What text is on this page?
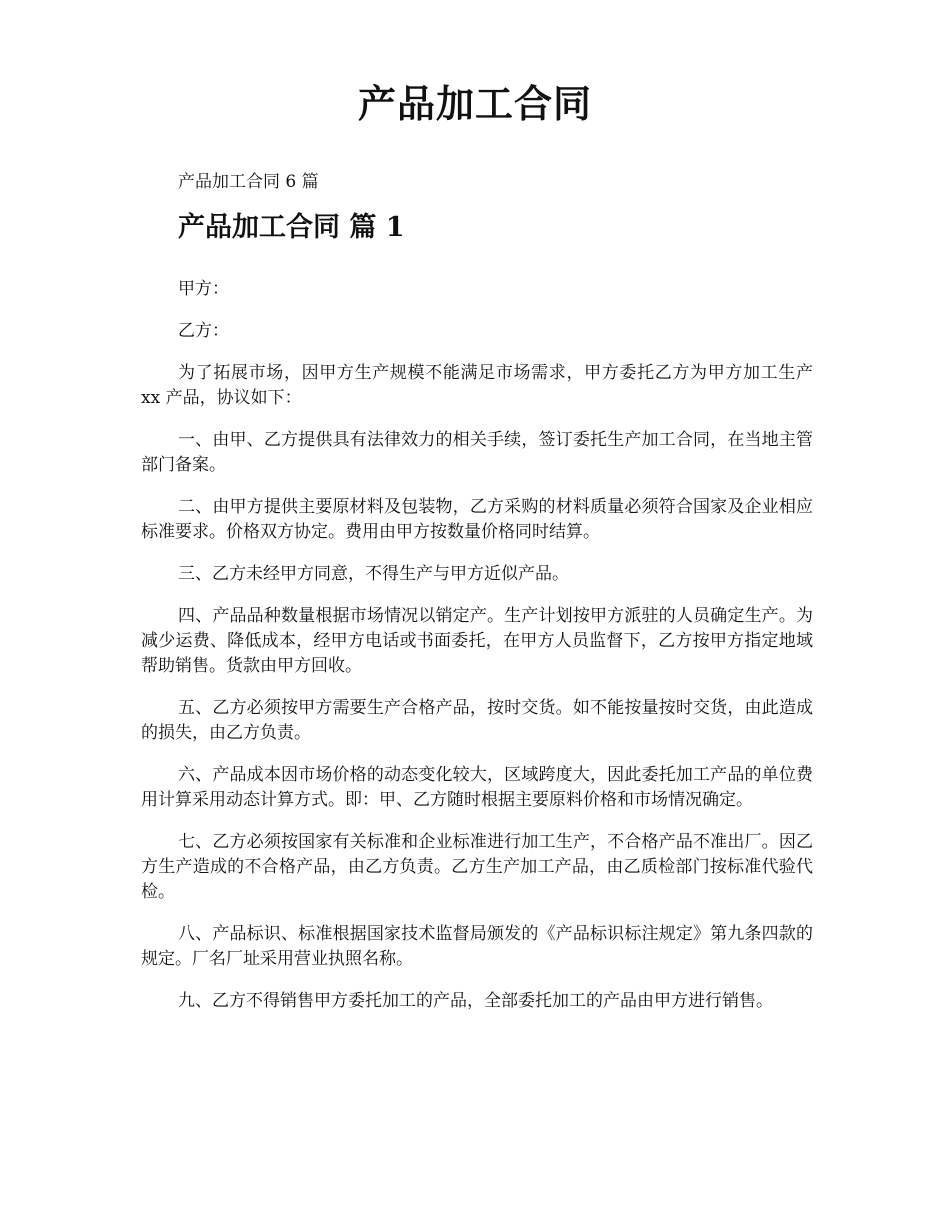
产品加工合同
产品加工合同 6 篇
产品加工合同 篇 1

甲方：

乙方：

为了拓展市场，因甲方生产规模不能满足市场需求，甲方委托乙方为甲方加工生产 xx 产品，协议如下：

一、由甲、乙方提供具有法律效力的相关手续，签订委托生产加工合同，在当地主管部门备案。

二、由甲方提供主要原材料及包装物，乙方采购的材料质量必须符合国家及企业相应标准要求。价格双方协定。费用由甲方按数量价格同时结算。

三、乙方未经甲方同意，不得生产与甲方近似产品。

四、产品品种数量根据市场情况以销定产。生产计划按甲方派驻的人员确定生产。为减少运费、降低成本，经甲方电话或书面委托，在甲方人员监督下，乙方按甲方指定地域帮助销售。货款由甲方回收。

五、乙方必须按甲方需要生产合格产品，按时交货。如不能按量按时交货，由此造成的损失，由乙方负责。

六、产品成本因市场价格的动态变化较大，区域跨度大，因此委托加工产品的单位费用计算采用动态计算方式。即：甲、乙方随时根据主要原料价格和市场情况确定。

七、乙方必须按国家有关标准和企业标准进行加工生产，不合格产品不准出厂。因乙方生产造成的不合格产品，由乙方负责。乙方生产加工产品，由乙质检部门按标准代验代检。

八、产品标识、标准根据国家技术监督局颁发的《产品标识标注规定》第九条四款的规定。厂名厂址采用营业执照名称。

九、乙方不得销售甲方委托加工的产品，全部委托加工的产品由甲方进行销售。
